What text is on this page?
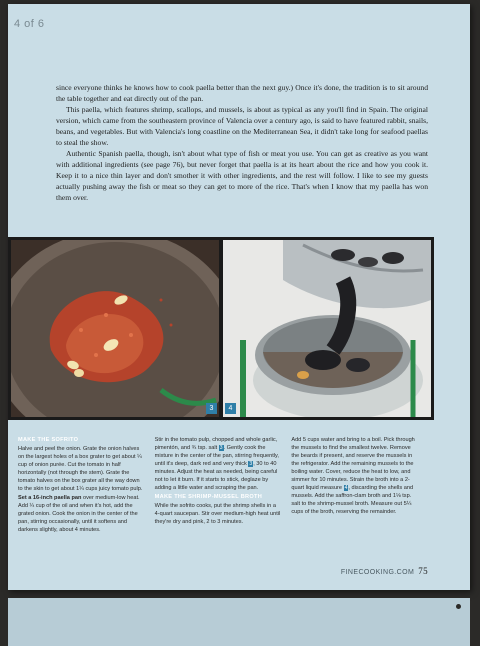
4 of 6

since everyone thinks he knows how to cook paella better than the next guy.) Once it's done, the tradition is to sit around the table together and eat directly out of the pan.

This paella, which features shrimp, scallops, and mussels, is about as typical as any you'll find in Spain. The original version, which came from the southeastern province of Valencia over a century ago, is said to have featured rabbit, snails, beans, and vegetables. But with Valencia's long coastline on the Mediterranean Sea, it didn't take long for seafood paellas to steal the show.

Authentic Spanish paella, though, isn't about what type of fish or meat you use. You can get as creative as you want with additional ingredients (see page 76), but never forget that paella is at its heart about the rice and how you cook it. Keep it to a nice thin layer and don't smother it with other ingredients, and the rest will follow. I like to see my guests actually pushing away the fish or meat so they can get to more of the rice. That's when I know that my paella has won them over.

3	4

MAKE THE SOFRITO

Halve and peel the onion. Grate the onion halves on the largest holes of a box grater to get about ¼ cup of onion purée. Cut the tomato in half horizontally (not through the stem). Grate the tomato halves on the box grater all the way down to the skin to get about 1¼ cups juicy tomato pulp.

Set a 16-inch paella pan over medium-low heat. Add ¼ cup of the oil and when it's hot, add the grated onion. Cook the onion in the center of the pan, stirring occasionally, until it softens and darkens slightly, about 4 minutes.

Stir in the tomato pulp, chopped and whole garlic, pimentón, and ¾ tsp. salt 3. Gently cook the mixture in the center of the pan, stirring frequently, until it's deep, dark red and very thick 3, 30 to 40 minutes. Adjust the heat as needed, being careful not to let it burn. If it starts to stick, deglaze by adding a little water and scraping the pan.

MAKE THE SHRIMP-MUSSEL BROTH

While the sofrito cooks, put the shrimp shells in a 4-quart saucepan. Stir over medium-high heat until they're dry and pink, 2 to 3 minutes.

Add 5 cups water and bring to a boil. Pick through the mussels to find the smallest twelve. Remove the beards if present, and reserve the mussels in the refrigerator. Add the remaining mussels to the boiling water. Cover, reduce the heat to low, and simmer for 10 minutes. Strain the broth into a 2-quart liquid measure 4, discarding the shells and mussels. Add the saffron-clam broth and 1⅛ tsp. salt to the shrimp-mussel broth. Measure out 5¼ cups of the broth, reserving the remainder.

FINECOOKING.COM 75
